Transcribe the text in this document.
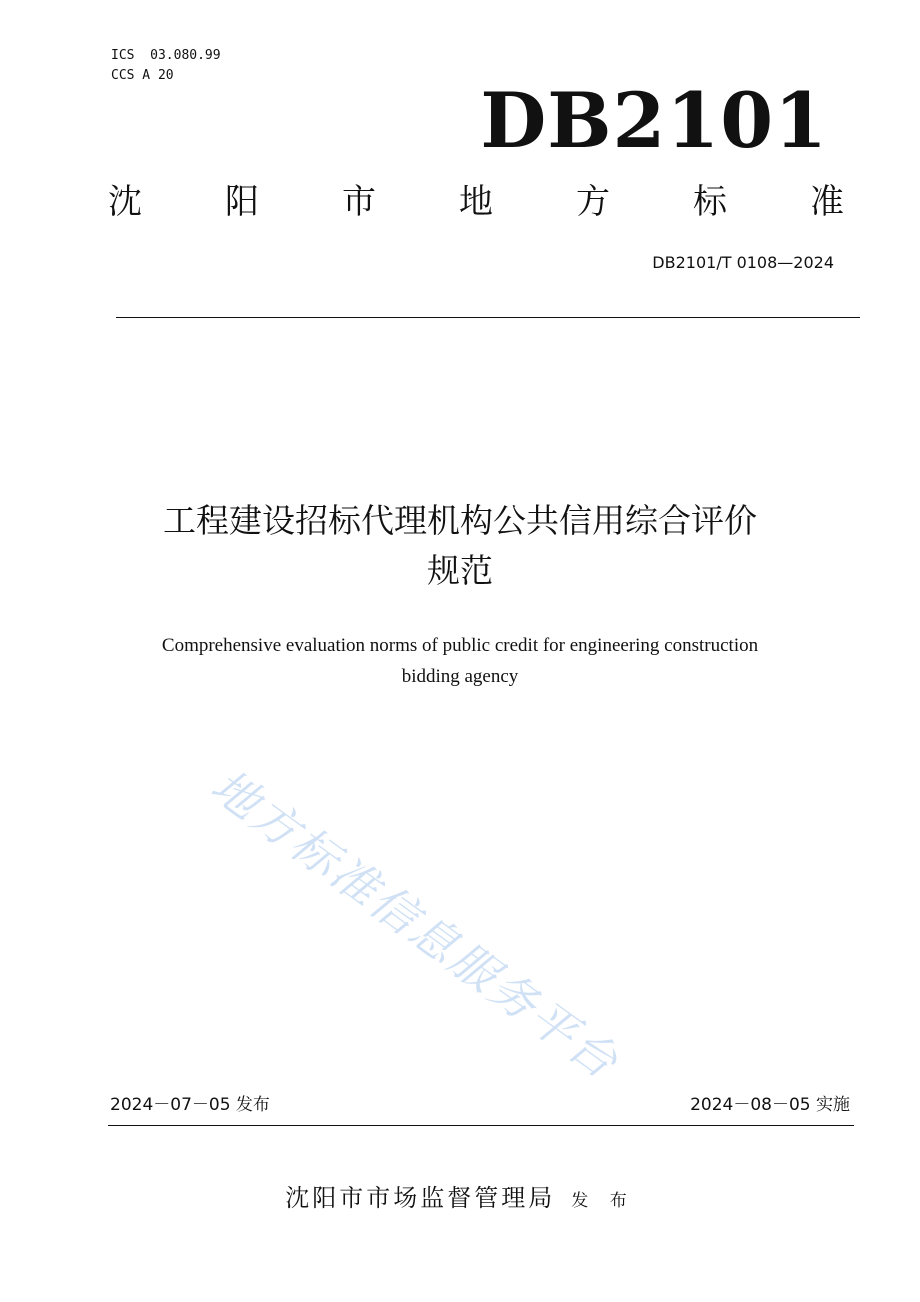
ICS  03.080.99
CCS A 20
DB2101
沈 阳 市 地 方 标 准
DB2101/T 0108—2024
工程建设招标代理机构公共信用综合评价
规范
Comprehensive evaluation norms of public credit for engineering construction
bidding agency
地方标准信息服务平台
2024－07－05 发布	2024－08－05 实施
沈阳市市场监督管理局 发 布
